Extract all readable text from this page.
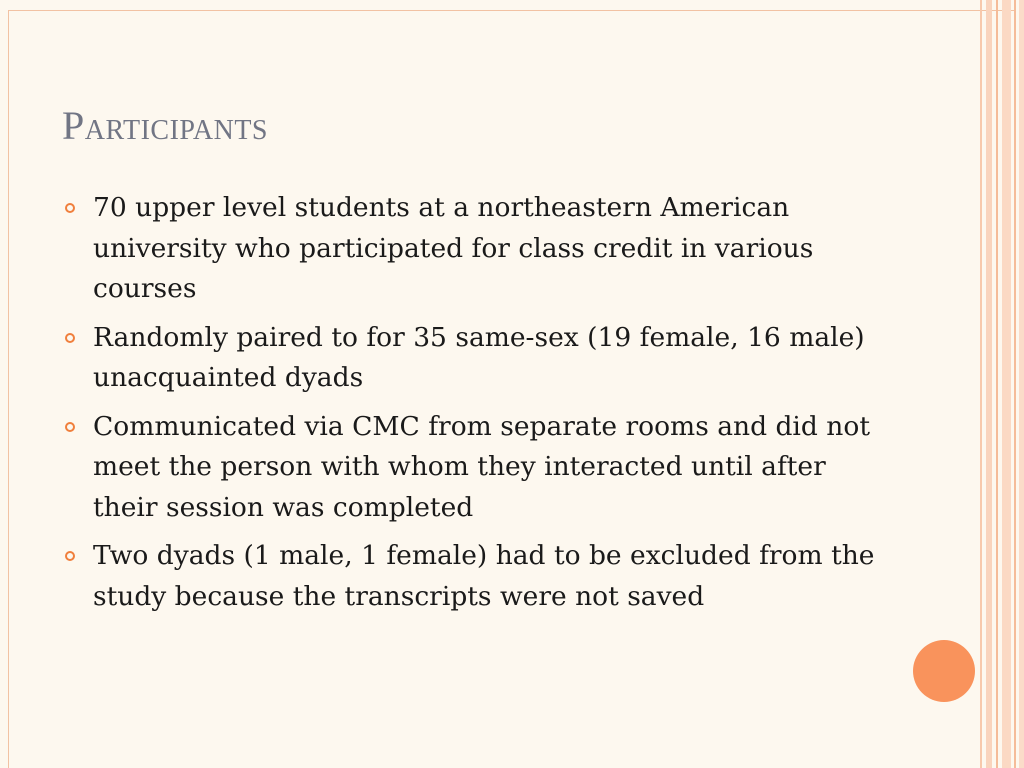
Participants
70 upper level students at a northeastern American university who participated for class credit in various courses
Randomly paired to for 35 same-sex (19 female, 16 male) unacquainted dyads
Communicated via CMC from separate rooms and did not meet the person with whom they interacted until after their session was completed
Two dyads (1 male, 1 female) had to be excluded from the study because the transcripts were not saved
